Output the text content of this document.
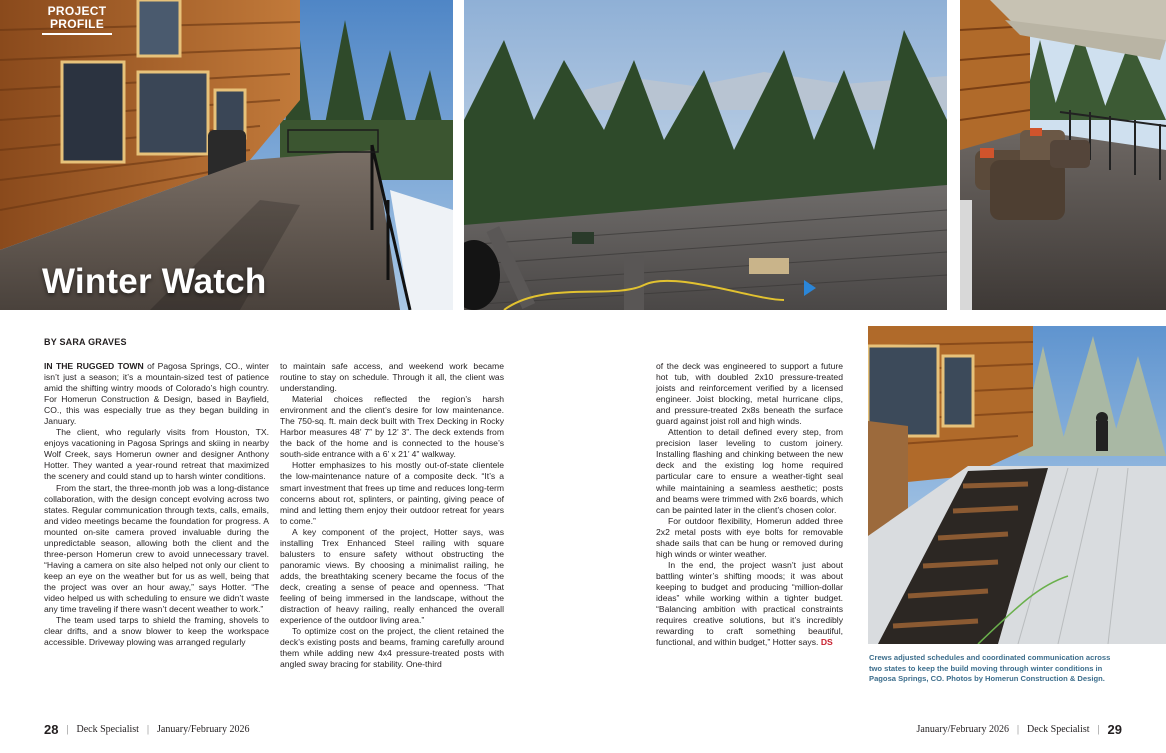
PROJECT
PROFILE
Winter Watch
BY SARA GRAVES

IN THE RUGGED TOWN of Pagosa Springs, CO., winter isn’t just a season; it’s a mountain-sized test of patience amid the shifting wintry moods of Colorado’s high country. For Homerun Construction & Design, based in Bayfield, CO., this was especially true as they began building in January.

The client, who regularly visits from Houston, TX. enjoys vacationing in Pagosa Springs and skiing in nearby Wolf Creek, says Homerun owner and designer Anthony Hotter. They wanted a year-round retreat that maximized the scenery and could stand up to harsh winter conditions.

From the start, the three-month job was a long-distance collaboration, with the design concept evolving across two states. Regular communication through texts, calls, emails, and video meetings became the foundation for progress. A mounted on-site camera proved invaluable during the unpredictable season, allowing both the client and the three-person Homerun crew to avoid unnecessary travel. “Having a camera on site also helped not only our client to keep an eye on the weather but for us as well, being that the project was over an hour away,” says Hotter. “The video helped us with scheduling to ensure we didn’t waste any time traveling if there wasn’t decent weather to work.”

The team used tarps to shield the framing, shovels to clear drifts, and a snow blower to keep the workspace accessible. Driveway plowing was arranged regularly

to maintain safe access, and weekend work became routine to stay on schedule. Through it all, the client was understanding.

Material choices reflected the region’s harsh environment and the client’s desire for low maintenance. The 750-sq. ft. main deck built with Trex Decking in Rocky Harbor measures 48’ 7” by 12’ 3”. The deck extends from the back of the home and is connected to the house’s south-side entrance with a 6’ x 21’ 4” walkway.

Hotter emphasizes to his mostly out-of-state clientele the low-maintenance nature of a composite deck. “It’s a smart investment that frees up time and reduces long-term concerns about rot, splinters, or painting, giving peace of mind and letting them enjoy their outdoor retreat for years to come.”

A key component of the project, Hotter says, was installing Trex Enhanced Steel railing with square balusters to ensure safety without obstructing the panoramic views. By choosing a minimalist railing, he adds, the breathtaking scenery became the focus of the deck, creating a sense of peace and openness. “That feeling of being immersed in the landscape, without the distraction of heavy railing, really enhanced the overall experience of the outdoor living area.”

To optimize cost on the project, the client retained the deck’s existing posts and beams, framing carefully around them while adding new 4x4 pressure-treated posts with angled sway bracing for stability. One-third

of the deck was engineered to support a future hot tub, with doubled 2x10 pressure-treated joists and reinforcement verified by a licensed engineer. Joist blocking, metal hurricane clips, and pressure-treated 2x8s beneath the surface guard against joist roll and high winds.

Attention to detail defined every step, from precision laser leveling to custom joinery. Installing flashing and chinking between the new deck and the existing log home required particular care to ensure a weather-tight seal while maintaining a seamless aesthetic; posts and beams were trimmed with 2x6 boards, which can be painted later in the client’s chosen color.

For outdoor flexibility, Homerun added three 2x2 metal posts with eye bolts for removable shade sails that can be hung or removed during high winds or winter weather.

In the end, the project wasn’t just about battling winter’s shifting moods; it was about keeping to budget and producing “million-dollar ideas” while working within a tighter budget. “Balancing ambition with practical constraints requires creative solutions, but it’s incredibly rewarding to craft something beautiful, functional, and within budget,” Hotter says. DS

Crews adjusted schedules and coordinated communication across two states to keep the build moving through winter conditions in Pagosa Springs, CO. Photos by Homerun Construction & Design.
28 | Deck Specialist | January/February 2026	January/February 2026 | Deck Specialist | 29
